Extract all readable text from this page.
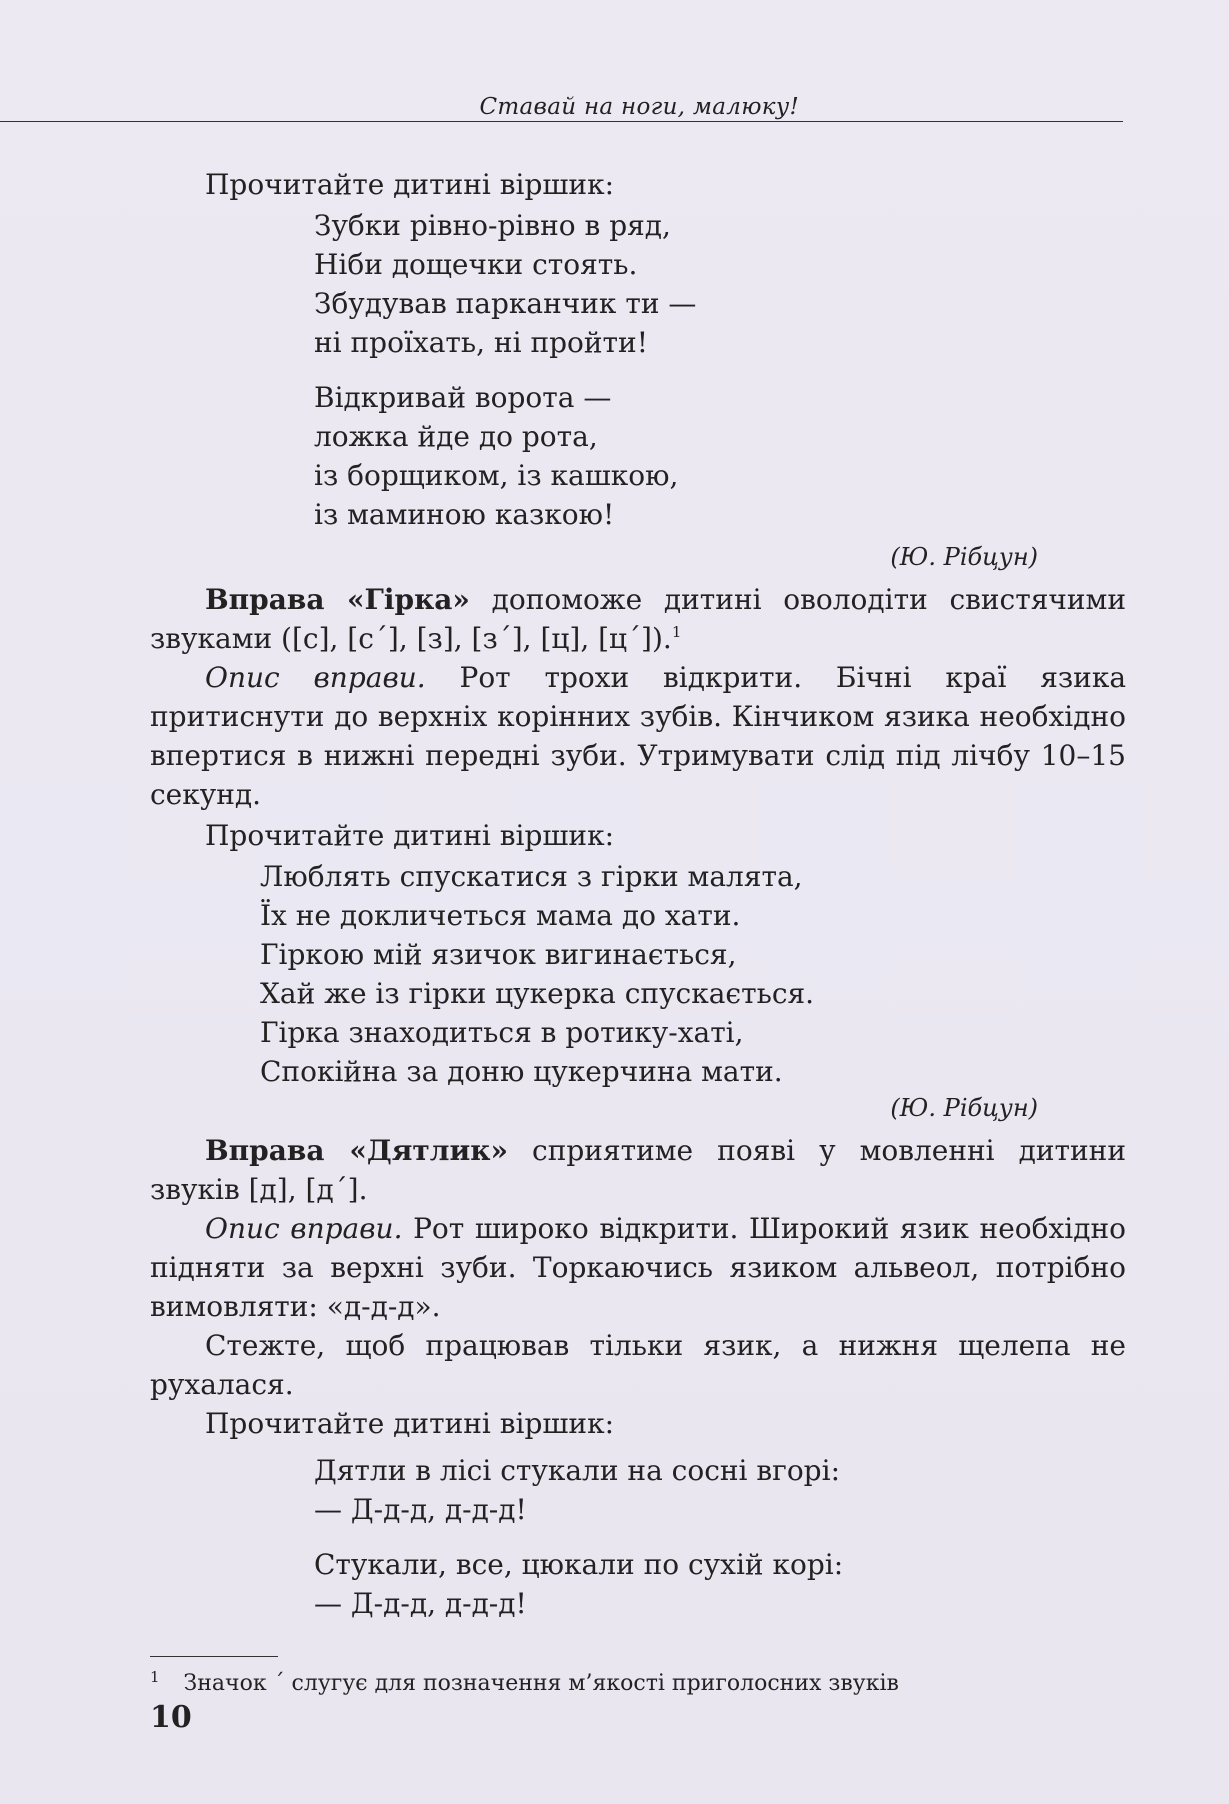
Ставай на ноги, малюку!

Прочитайте дитині віршик:

Зубки рівно-рівно в ряд,
Ніби дощечки стоять.
Збудував парканчик ти —
ні проїхать, ні пройти!
Відкривай ворота —
ложка йде до рота,
із борщиком, із кашкою,
із маминою казкою!
(Ю. Рібцун)

Вправа «Гірка» допоможе дитині оволодіти свистячими звуками ([с], [с´], [з], [з´], [ц], [ц´]).$^1$

Опис вправи. Рот трохи відкрити. Бічні краї язика притиснути до верхніх корінних зубів. Кінчиком язика необхідно впертися в нижні передні зуби. Утримувати слід під лічбу 10–15 секунд.

Прочитайте дитині віршик:

Люблять спускатися з гірки малята,
Їх не докличеться мама до хати.
Гіркою мій язичок вигинається,
Хай же із гірки цукерка спускається.
Гірка знаходиться в ротику-хаті,
Спокійна за доню цукерчина мати.
(Ю. Рібцун)

Вправа «Дятлик» сприятиме появі у мовленні дитини звуків [д], [д´].

Опис вправи. Рот широко відкрити. Широкий язик необхідно підняти за верхні зуби. Торкаючись язиком альвеол, потрібно вимовляти: «д-д-д».

Стежте, щоб працював тільки язик, а нижня щелепа не рухалася.

Прочитайте дитині віршик:

Дятли в лісі стукали на сосні вгорі:
— Д-д-д, д-д-д!
Стукали, все, цюкали по сухій корі:
— Д-д-д, д-д-д!
$^1$ Значок ´ слугує для позначення м’якості приголосних звуків
10
